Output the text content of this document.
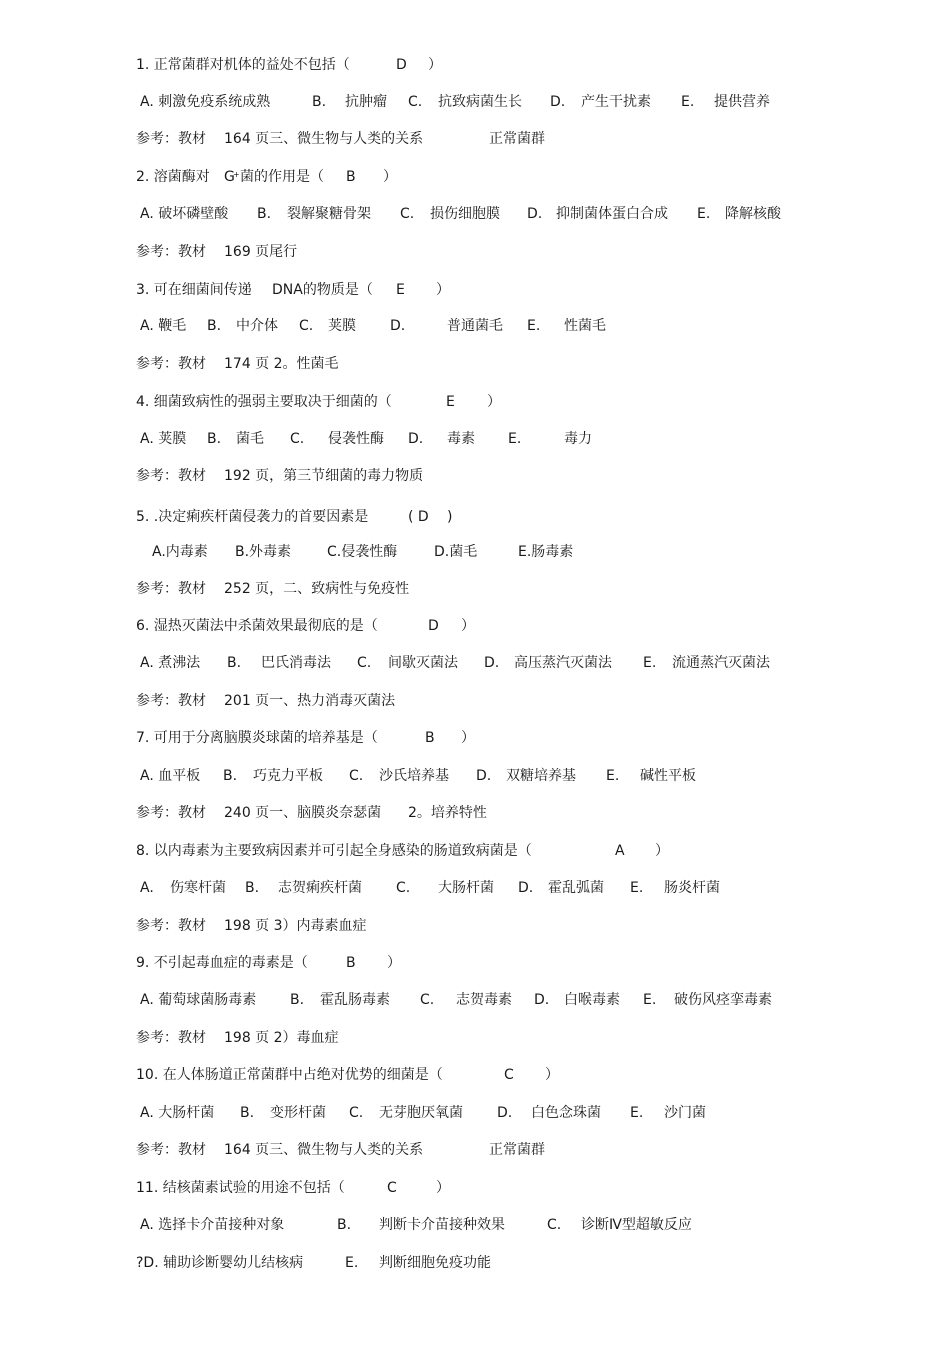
1. 正常菌群对机体的益处不包括（	D ）
A. 刺激免疫系统成熟	B. 抗肿瘤 C. 抗致病菌生长 D. 产生干扰素 E. 提供营养
参考：教材 164 页三、微生物与人类的关系	正常菌群
2. 溶菌酶对 G
+ 菌的作用是（ B ）
A. 破坏磷壁酸 B. 裂解聚糖骨架 C. 损伤细胞膜 D. 抑制菌体蛋白合成 E. 降解核酸
参考：教材 169 页尾行
3. 可在细菌间传递 DNA的物质是（ E ）
A. 鞭毛 B. 中介体 C. 荚膜 D.	普通菌毛 E. 性菌毛
参考：教材 174 页 2。性菌毛
4. 细菌致病性的强弱主要取决于细菌的（	E ）
A. 荚膜 B. 菌毛 C. 侵袭性酶 D. 毒素 E.	毒力
参考：教材 192 页，第三节细菌的毒力物质
5. .决定痢疾杆菌侵袭力的首要因素是	( D )
A.内毒素 B.外毒素	C.侵袭性酶	D.菌毛	E.肠毒素
参考：教材 252 页，二、致病性与免疫性
6. 湿热灭菌法中杀菌效果最彻底的是（	D ）
A. 煮沸法 B. 巴氏消毒法 C. 间歇灭菌法 D. 高压蒸汽灭菌法 E. 流通蒸汽灭菌法
参考：教材 201 页一、热力消毒灭菌法
7. 可用于分离脑膜炎球菌的培养基是（	B ）
A. 血平板 B. 巧克力平板 C. 沙氏培养基 D. 双糖培养基 E. 碱性平板
参考：教材 240 页一、脑膜炎奈瑟菌 2。培养特性
8. 以内毒素为主要致病因素并可引起全身感染的肠道致病菌是（	A ）
A. 伤寒杆菌 B. 志贺痢疾杆菌 C. 大肠杆菌 D. 霍乱弧菌 E. 肠炎杆菌
参考：教材 198 页 3）内毒素血症
9. 不引起毒血症的毒素是（	B ）
A. 葡萄球菌肠毒素 B. 霍乱肠毒素 C. 志贺毒素 D. 白喉毒素 E. 破伤风痉挛毒素
参考：教材 198 页 2）毒血症
10. 在人体肠道正常菌群中占绝对优势的细菌是（	C ）
A. 大肠杆菌 B. 变形杆菌 C. 无芽胞厌氧菌 D. 白色念珠菌 E. 沙门菌
参考：教材 164 页三、微生物与人类的关系	正常菌群
11. 结核菌素试验的用途不包括（	C	）
A. 选择卡介苗接种对象	B. 判断卡介苗接种效果	C. 诊断Ⅳ型超敏反应
?D. 辅助诊断婴幼儿结核病	E. 判断细胞免疫功能
